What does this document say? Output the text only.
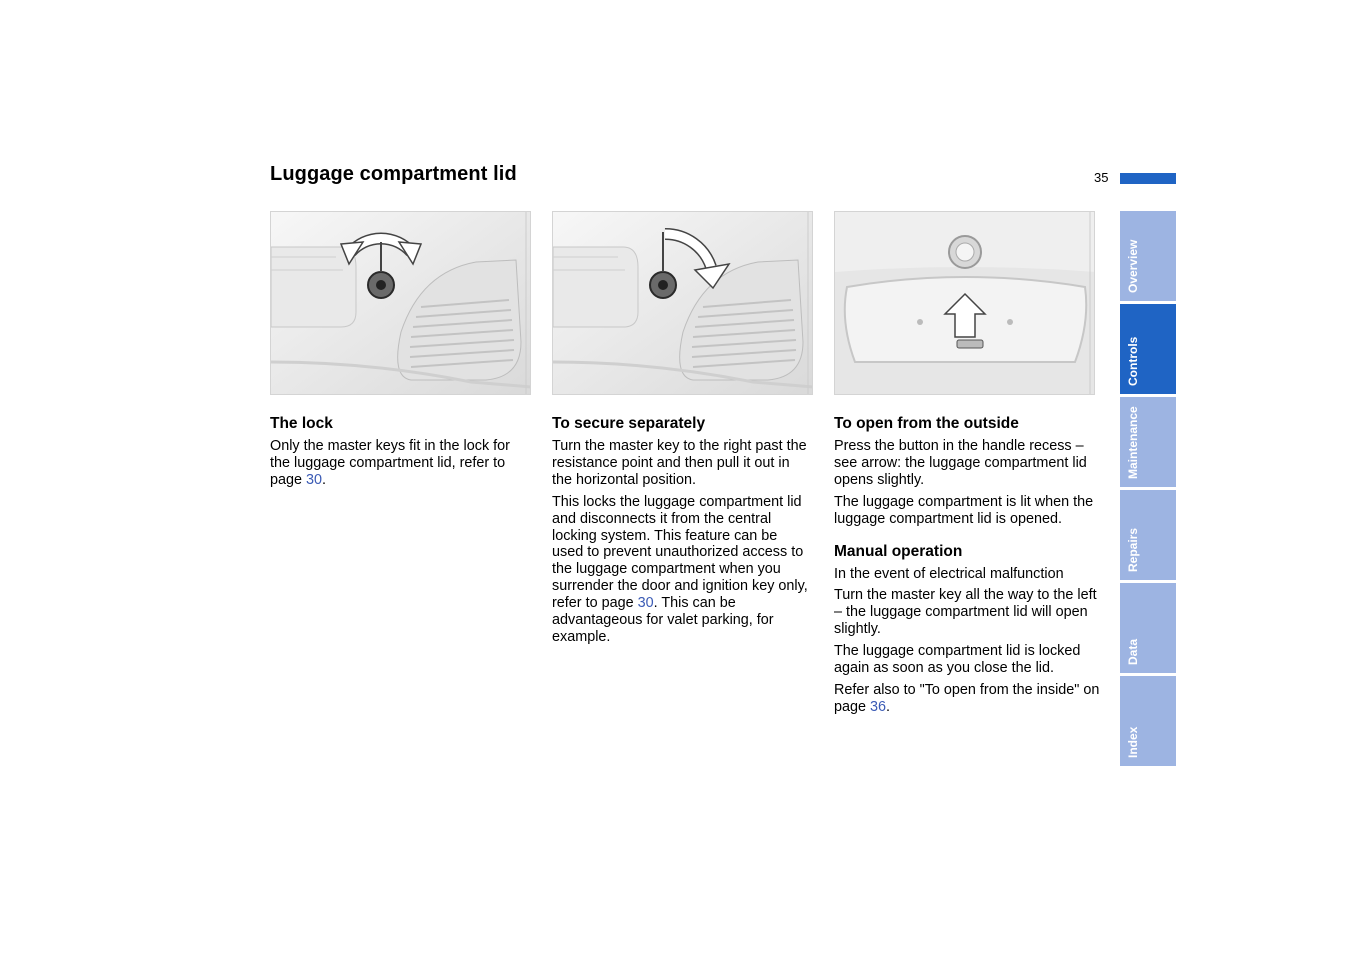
Luggage compartment lid	35
The lock

Only the master keys fit in the lock for the luggage compartment lid, refer to page 30.

To secure separately

Turn the master key to the right past the resistance point and then pull it out in the horizontal position.

This locks the luggage compartment lid and disconnects it from the central locking system. This feature can be used to prevent unauthorized access to the luggage compartment when you surrender the door and ignition key only, refer to page 30. This can be advantageous for valet parking, for example.

To open from the outside

Press the button in the handle recess – see arrow: the luggage compartment lid opens slightly.

The luggage compartment is lit when the luggage compartment lid is opened.

Manual operation

In the event of electrical malfunction

Turn the master key all the way to the left – the luggage compartment lid will open slightly.

The luggage compartment lid is locked again as soon as you close the lid.

Refer also to "To open from the inside" on page 36.

Overview
Controls
Maintenance
Repairs
Data
Index
